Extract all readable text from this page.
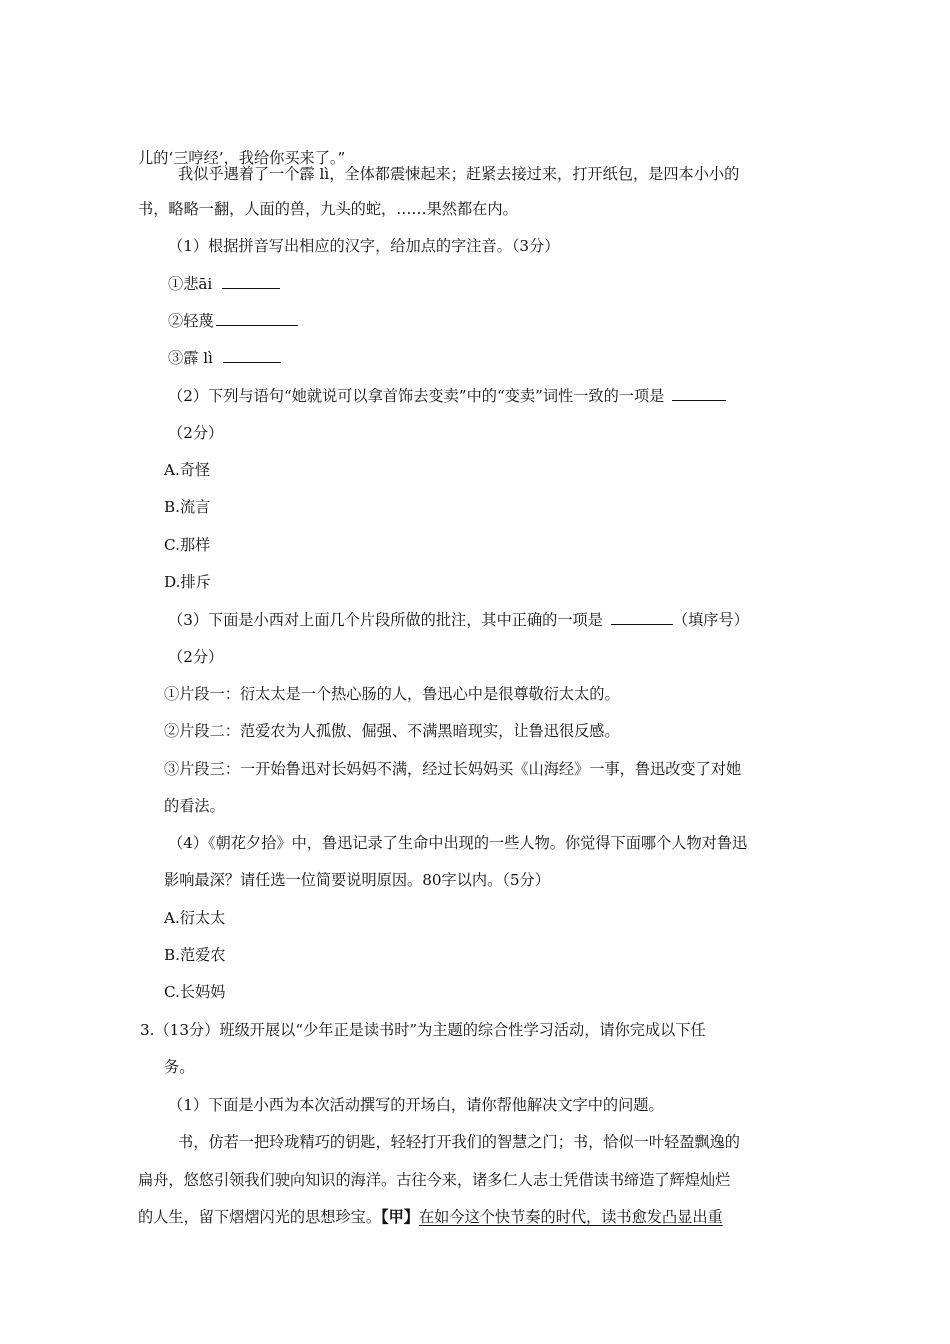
儿的‘三哼经’，我给你买来了。”
我似乎遇着了一个霹 lì，全体都震悚起来；赶紧去接过来，打开纸包，是四本小小的
书，略略一翻，人面的兽，九头的蛇，……果然都在内。
（1）根据拼音写出相应的汉字，给加点的字注音。（3分）
①悲āi
②轻蔑
③霹 lì
（2）下列与语句“她就说可以拿首饰去变卖”中的“变卖”词性一致的一项是
（2分）
A.奇怪
B.流言
C.那样
D.排斥
（3）下面是小西对上面几个片段所做的批注，其中正确的一项是	（填序号）
（2分）
①片段一：衍太太是一个热心肠的人，鲁迅心中是很尊敬衍太太的。
②片段二：范爱农为人孤傲、倔强、不满黑暗现实，让鲁迅很反感。
③片段三：一开始鲁迅对长妈妈不满，经过长妈妈买《山海经》一事，鲁迅改变了对她
的看法。
（4）《朝花夕拾》中，鲁迅记录了生命中出现的一些人物。你觉得下面哪个人物对鲁迅
影响最深？请任选一位简要说明原因。80字以内。（5分）
A.衍太太
B.范爱农
C.长妈妈
3.（13分）班级开展以“少年正是读书时”为主题的综合性学习活动，请你完成以下任
务。
（1）下面是小西为本次活动撰写的开场白，请你帮他解决文字中的问题。
书，仿若一把玲珑精巧的钥匙，轻轻打开我们的智慧之门；书，恰似一叶轻盈飘逸的
扁舟，悠悠引领我们驶向知识的海洋。古往今来，诸多仁人志士凭借读书缔造了辉煌灿烂
的人生，留下熠熠闪光的思想珍宝。【甲】在如今这个快节奏的时代，读书愈发凸显出重
